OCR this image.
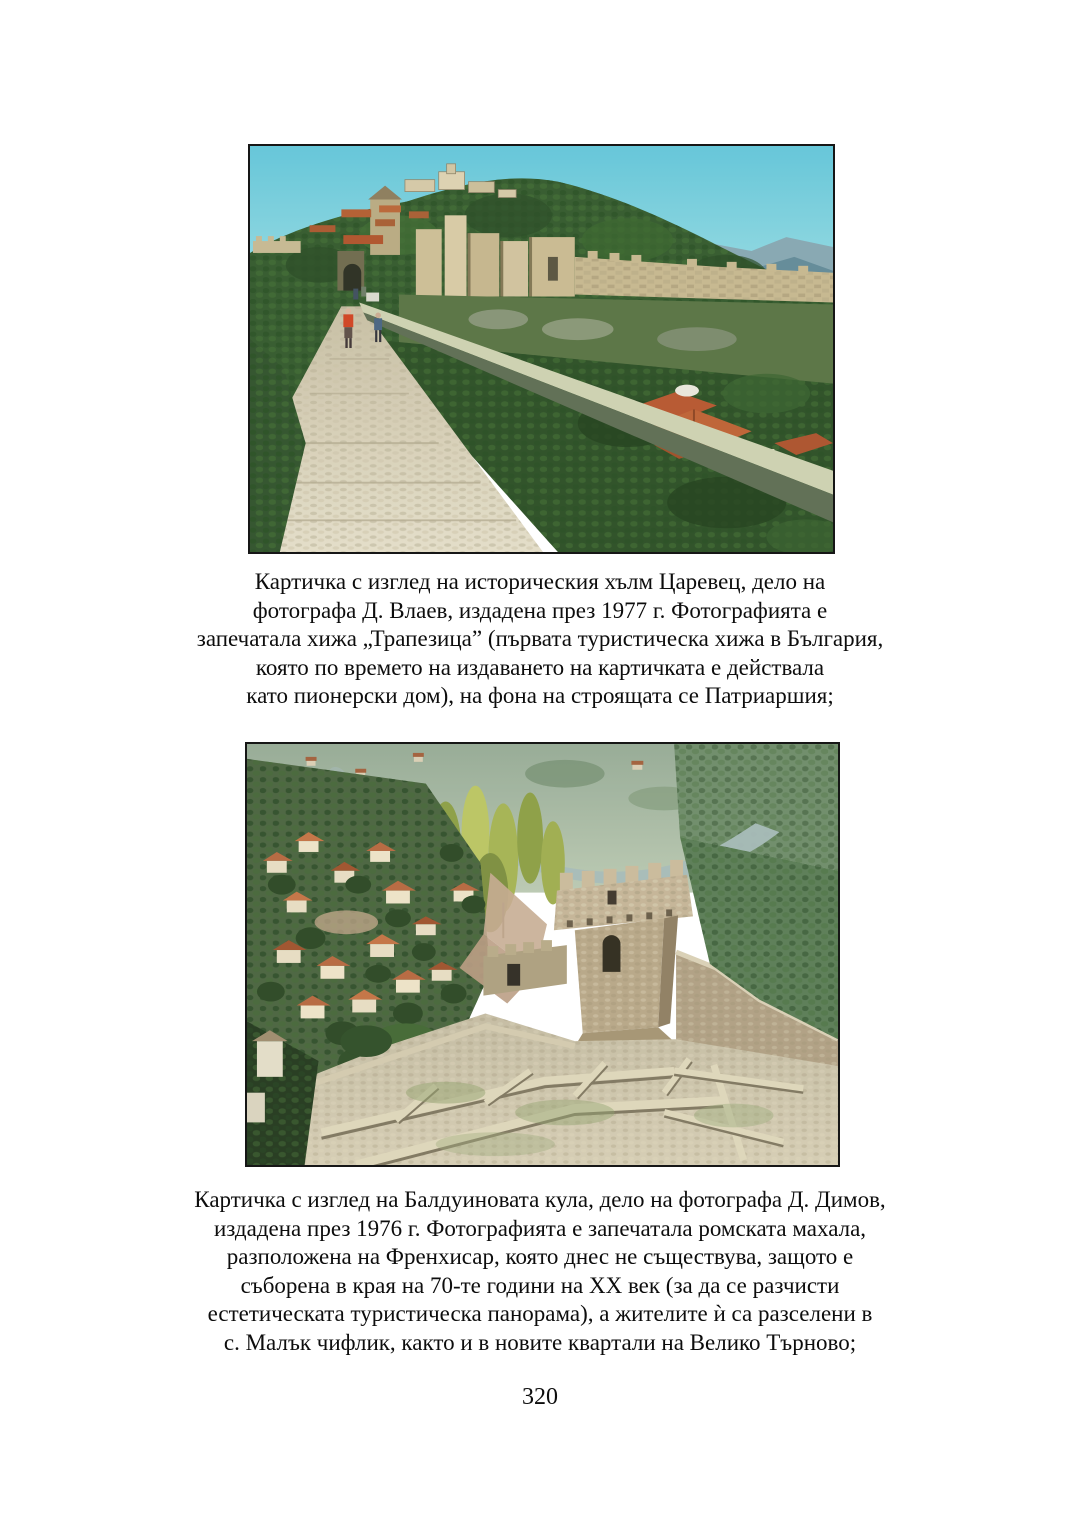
Картичка с изглед на историческия хълм Царевец, дело на
фотографа Д. Влаев, издадена през 1977 г. Фотографията е
запечатала хижа „Трапезица” (първата туристическа хижа в България,
която по времето на издаването на картичката е действала
като пионерски дом), на фона на строящата се Патриаршия;
Картичка с изглед на Балдуиновата кула, дело на фотографа Д. Димов,
издадена през 1976 г. Фотографията е запечатала ромската махала,
разположена на Френхисар, която днес не съществува, защото е
съборена в края на 70-те години на ХХ век (за да се разчисти
естетическата туристическа панорама), а жителите ѝ са разселени в
с. Малък чифлик, както и в новите квартали на Велико Търново;
320
